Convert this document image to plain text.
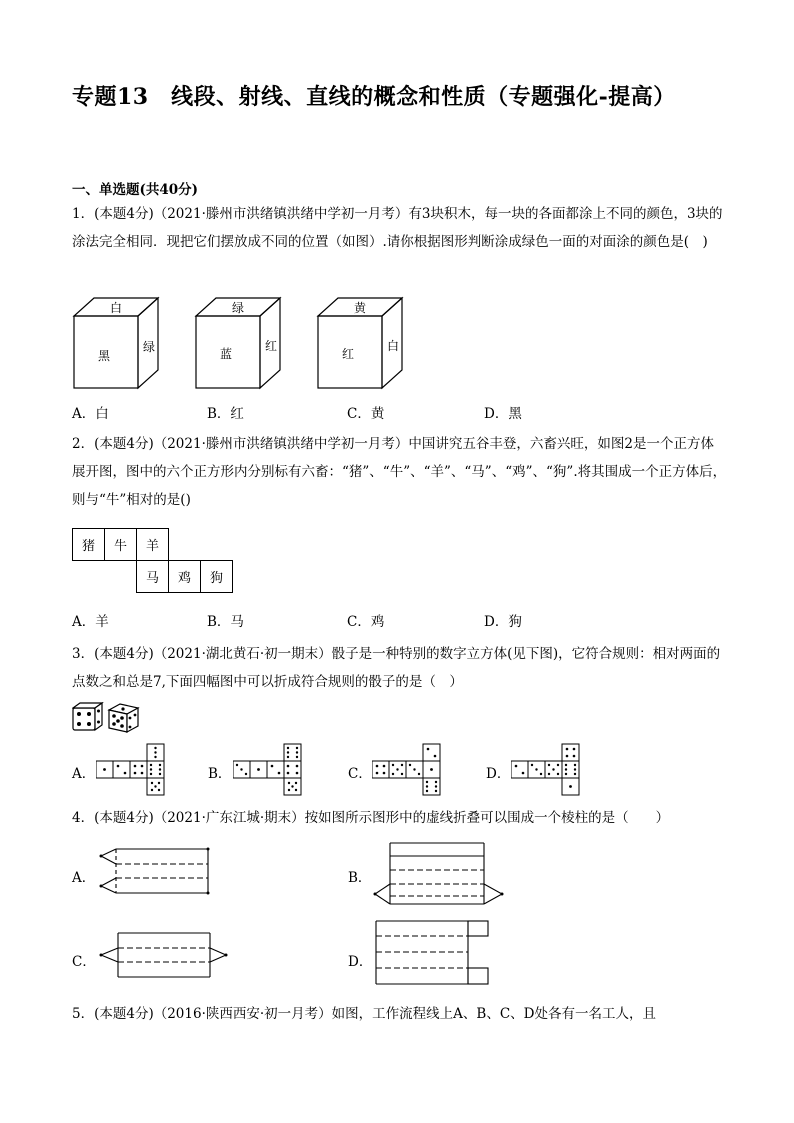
专题13　线段、射线、直线的概念和性质（专题强化-提高）
一、单选题(共40分)
1．(本题4分)（2021·滕州市洪绪镇洪绪中学初一月考）有3块积木，每一块的各面都涂上不同的颜色，3块的涂法完全相同．现把它们摆放成不同的位置（如图）.请你根据图形判断涂成绿色一面的对面涂的颜色是(　)
白
黑
绿
绿
蓝
红
黄
红
白
A．白	B．红	C．黄	D．黑
2．(本题4分)（2021·滕州市洪绪镇洪绪中学初一月考）中国讲究五谷丰登，六畜兴旺，如图2是一个正方体展开图，图中的六个正方形内分别标有六畜：“猪”、“牛”、“羊”、“马”、“鸡”、“狗”.将其围成一个正方体后，则与“牛”相对的是()
猪	牛	羊
马	鸡	狗
A．羊	B．马	C．鸡	D．狗
3．(本题4分)（2021·湖北黄石·初一期末）骰子是一种特别的数字立方体(见下图)，它符合规则：相对两面的点数之和总是7,下面四幅图中可以折成符合规则的骰子的是（　）
A．	B．	C．	D．
4．(本题4分)（2021·广东江城·期末）按如图所示图形中的虚线折叠可以围成一个棱柱的是（　　）
A．	B．
C．	D．
5．(本题4分)（2016·陕西西安·初一月考）如图，工作流程线上A、B、C、D处各有一名工人，且
